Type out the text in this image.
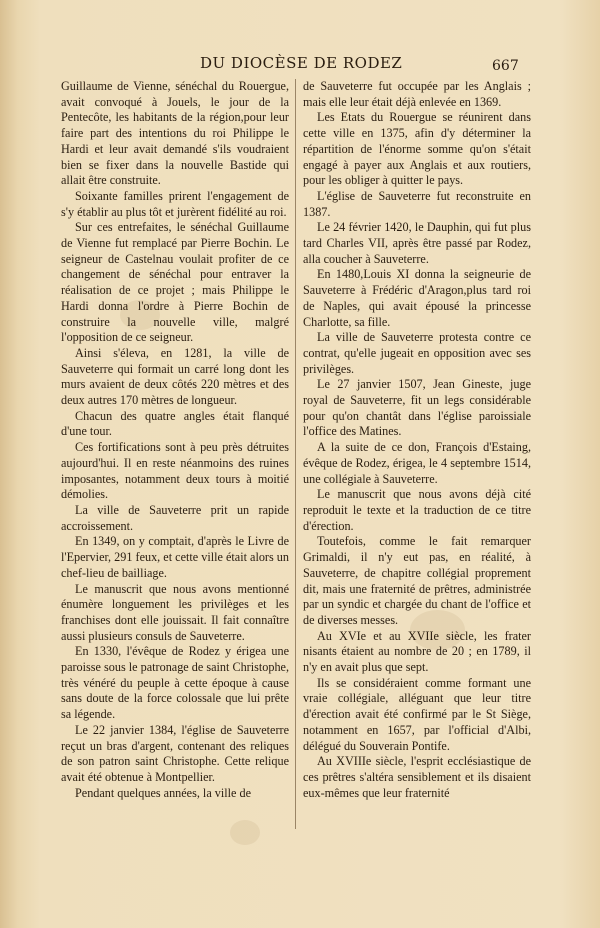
DU DIOCÈSE DE RODEZ	667

Guillaume de Vienne, sénéchal du Rouergue, avait convoqué à Jouels, le jour de la Pentecôte, les habitants de la région,pour leur faire part des intentions du roi Philippe le Hardi et leur avait demandé s'ils voudraient bien se fixer dans la nouvelle Bastide qui allait être construite.

Soixante familles prirent l'engagement de s'y établir au plus tôt et jurèrent fidélité au roi.

Sur ces entrefaites, le sénéchal Guillaume de Vienne fut remplacé par Pierre Bochin. Le seigneur de Castelnau voulait profiter de ce changement de sénéchal pour entraver la réalisation de ce projet ; mais Philippe le Hardi donna l'ordre à Pierre Bochin de construire la nouvelle ville, malgré l'opposition de ce seigneur.

Ainsi s'éleva, en 1281, la ville de Sauveterre qui formait un carré long dont les murs avaient de deux côtés 220 mètres et des deux autres 170 mètres de longueur.

Chacun des quatre angles était flanqué d'une tour.

Ces fortifications sont à peu près détruites aujourd'hui. Il en reste néanmoins des ruines imposantes, notamment deux tours à moitié démolies.

La ville de Sauveterre prit un rapide accroissement.

En 1349, on y comptait, d'après le Livre de l'Epervier, 291 feux, et cette ville était alors un chef-lieu de bailliage.

Le manuscrit que nous avons mentionné énumère longuement les privilèges et les franchises dont elle jouissait. Il fait connaître aussi plusieurs consuls de Sauveterre.

En 1330, l'évêque de Rodez y érigea une paroisse sous le patronage de saint Christophe, très vénéré du peuple à cette époque à cause sans doute de la force colossale que lui prête sa légende.

Le 22 janvier 1384, l'église de Sauveterre reçut un bras d'argent, contenant des reliques de son patron saint Christophe. Cette relique avait été obtenue à Montpellier.

Pendant quelques années, la ville de

de Sauveterre fut occupée par les Anglais ; mais elle leur était déjà enlevée en 1369.

Les Etats du Rouergue se réunirent dans cette ville en 1375, afin d'y déterminer la répartition de l'énorme somme qu'on s'était engagé à payer aux Anglais et aux routiers, pour les obliger à quitter le pays.

L'église de Sauveterre fut reconstruite en 1387.

Le 24 février 1420, le Dauphin, qui fut plus tard Charles VII, après être passé par Rodez, alla coucher à Sauveterre.

En 1480,Louis XI donna la seigneurie de Sauveterre à Frédéric d'Aragon,plus tard roi de Naples, qui avait épousé la princesse Charlotte, sa fille.

La ville de Sauveterre protesta contre ce contrat, qu'elle jugeait en opposition avec ses privilèges.

Le 27 janvier 1507, Jean Gineste, juge royal de Sauveterre, fit un legs considérable pour qu'on chantât dans l'église paroissiale l'office des Matines.

A la suite de ce don, François d'Estaing, évêque de Rodez, érigea, le 4 septembre 1514, une collégiale à Sauveterre.

Le manuscrit que nous avons déjà cité reproduit le texte et la traduction de ce titre d'érection.

Toutefois, comme le fait remarquer Grimaldi, il n'y eut pas, en réalité, à Sauveterre, de chapitre collégial proprement dit, mais une fraternité de prêtres, administrée par un syndic et chargée du chant de l'office et de diverses messes.

Au XVIe et au XVIIe siècle, les frater nisants étaient au nombre de 20 ; en 1789, il n'y en avait plus que sept.

Ils se considéraient comme formant une vraie collégiale, alléguant que leur titre d'érection avait été confirmé par le St Siège, notamment en 1657, par l'official d'Albi, délégué du Souverain Pontife.

Au XVIIIe siècle, l'esprit ecclésiastique de ces prêtres s'altéra sensiblement et ils disaient eux-mêmes que leur fraternité
